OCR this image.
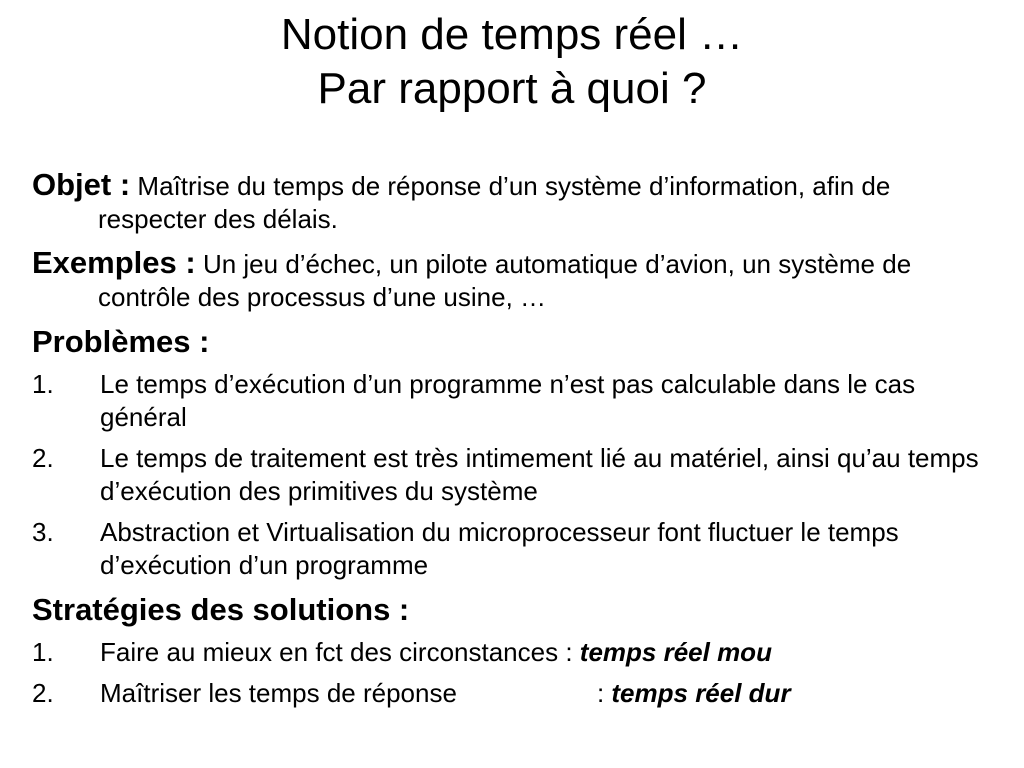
Notion de temps réel …
Par rapport à quoi ?

Objet : Maîtrise du temps de réponse d’un système d’information, afin de respecter des délais.

Exemples : Un jeu d’échec, un pilote automatique d’avion, un système de contrôle des processus d’une usine, …

Problèmes :

1. Le temps d’exécution d’un programme n’est pas calculable dans le cas général

2. Le temps de traitement est très intimement lié au matériel, ainsi qu’au temps d’exécution des primitives du système

3. Abstraction et Virtualisation du microprocesseur font fluctuer le temps d’exécution d’un programme

Stratégies des solutions :

1. Faire au mieux en fct des circonstances : temps réel mou

2. Maîtriser les temps de réponse	: temps réel dur
